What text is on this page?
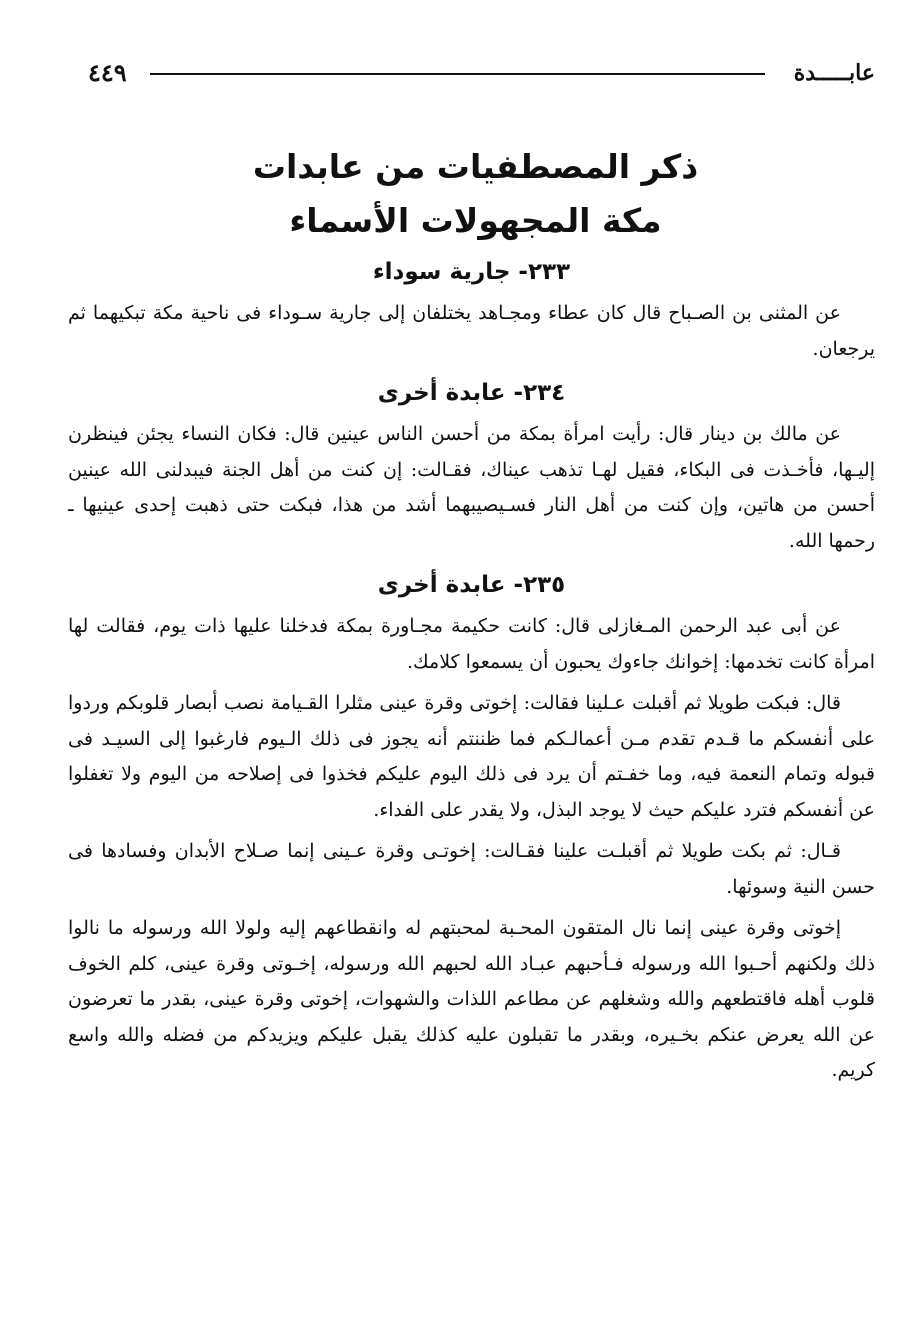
عابـــــدة
٤٤٩
ذكر المصطفيات من عابدات
مكة المجهولات الأسماء
٢٣٣- جارية سوداء

عن المثنى بن الصـباح قال كان عطاء ومجـاهد يختلفان إلى جارية سـوداء فى ناحية مكة تبكيهما ثم يرجعان.

٢٣٤- عابدة أخرى

عن مالك بن دينار قال: رأيت امرأة بمكة من أحسن الناس عينين قال: فكان النساء يجئن فينظرن إليـها، فأخـذت فى البكاء، فقيل لهـا تذهب عيناك، فقـالت: إن كنت من أهل الجنة فيبدلنى الله عينين أحسن من هاتين، وإن كنت من أهل النار فسـيصيبهما أشد من هذا، فبكت حتى ذهبت إحدى عينيها ـ رحمها الله.

٢٣٥- عابدة أخرى

عن أبى عبد الرحمن المـغازلى قال: كانت حكيمة مجـاورة بمكة فدخلنا عليها ذات يوم، فقالت لها امرأة كانت تخدمها: إخوانك جاءوك يحبون أن يسمعوا كلامك.

قال: فبكت طويلا ثم أقبلت عـلينا فقالت: إخوتى وقرة عينى مثلرا القـيامة نصب أبصار قلوبكم وردوا على أنفسكم ما قـدم تقدم مـن أعمالـكم فما ظننتم أنه يجوز فى ذلك الـيوم فارغبوا إلى السيـد فى قبوله وتمام النعمة فيه، وما خفـتم أن يرد فى ذلك اليوم عليكم فخذوا فى إصلاحه من اليوم ولا تغفلوا عن أنفسكم فترد عليكم حيث لا يوجد البذل، ولا يقدر على الفداء.

قـال: ثم بكت طويلا ثم أقبلـت علينا فقـالت: إخوتـى وقرة عـينى إنما صـلاح الأبدان وفسادها فى حسن النية وسوئها.

إخوتى وقرة عينى إنما نال المتقون المحـبة لمحبتهم له وانقطاعهم إليه ولولا الله ورسوله ما نالوا ذلك ولكنهم أحـبوا الله ورسوله فـأحبهم عبـاد الله لحبهم الله ورسوله، إخـوتى وقرة عينى، كلم الخوف قلوب أهله فاقتطعهم والله وشغلهم عن مطاعم اللذات والشهوات، إخوتى وقرة عينى، بقدر ما تعرضون عن الله يعرض عنكم بخـيره، وبقدر ما تقبلون عليه كذلك يقبل عليكم ويزيدكم من فضله والله واسع كريم.
